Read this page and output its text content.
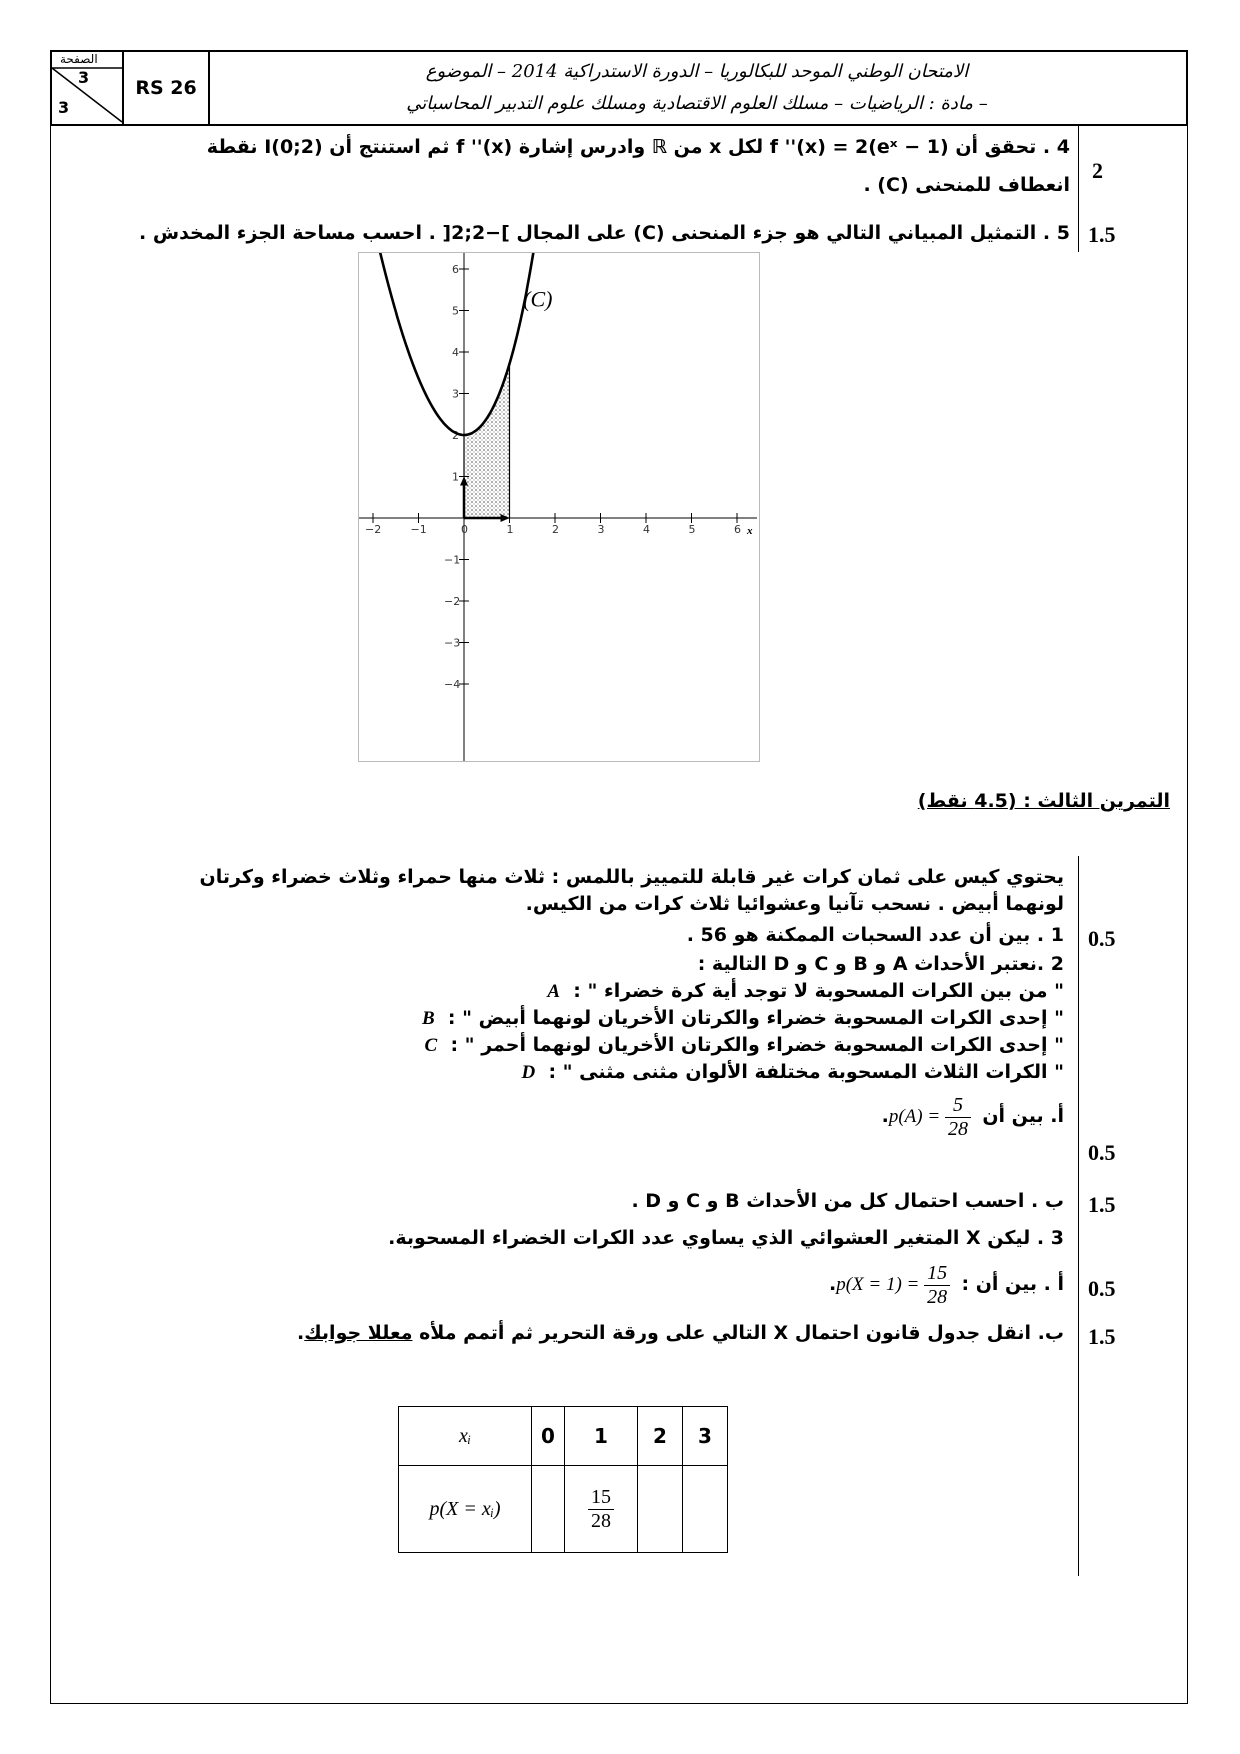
الصفحة
3
3
RS 26
الامتحان الوطني الموحد للبكالوريا – الدورة الاستدراكية 2014 – الموضوع
– مادة : الرياضيات – مسلك العلوم الاقتصادية ومسلك علوم التدبير المحاسباتي
4 . تحقق أن f ''(x) = 2(eˣ − 1) لكل x من ℝ وادرس إشارة f ''(x) ثم استنتج أن I(0;2) نقطة
انعطاف للمنحنى (C) .
2
5 . التمثيل المبياني التالي هو جزء المنحنى (C) على المجال ]−2;2[ . احسب مساحة الجزء المخدش . 1.5
x
−2	−1	0	1	2	3	4	5	6
−4
−3
−2
−1
1
2
3
4
5
6
(C)
التمرين الثالث : (4.5 نقط)
يحتوي كيس على ثمان كرات غير قابلة للتمييز باللمس : ثلاث منها حمراء وثلاث خضراء وكرتان
لونهما أبيض . نسحب تآنيا وعشوائيا ثلاث كرات من الكيس.
1 . بين أن عدد السحبات الممكنة هو 56 . 0.5
2 .نعتبر الأحداث A و B و C و D التالية :
A : " من بين الكرات المسحوبة لا توجد أية كرة خضراء "
B : " إحدى الكرات المسحوبة خضراء والكرتان الأخريان لونهما أبيض "
C : " إحدى الكرات المسحوبة خضراء والكرتان الأخريان لونهما أحمر "
D : " الكرات الثلاث المسحوبة مختلفة الألوان مثنى مثنى "
أ. بين أن $p(A) = \frac{5}{28}$
.
0.5
ب . احسب احتمال كل من الأحداث B و C و D . 1.5
3 . ليكن X المتغير العشوائي الذي يساوي عدد الكرات الخضراء المسحوبة.
أ . بين أن : $p(X = 1) = \frac{15}{28}$
.	0.5
ب. انقل جدول قانون احتمال X التالي على ورقة التحرير ثم أتمم ملأه معللا جوابك.	1.5
xᵢ	0	1	2	3
p(X = xᵢ)		$\frac{15}{28}$
